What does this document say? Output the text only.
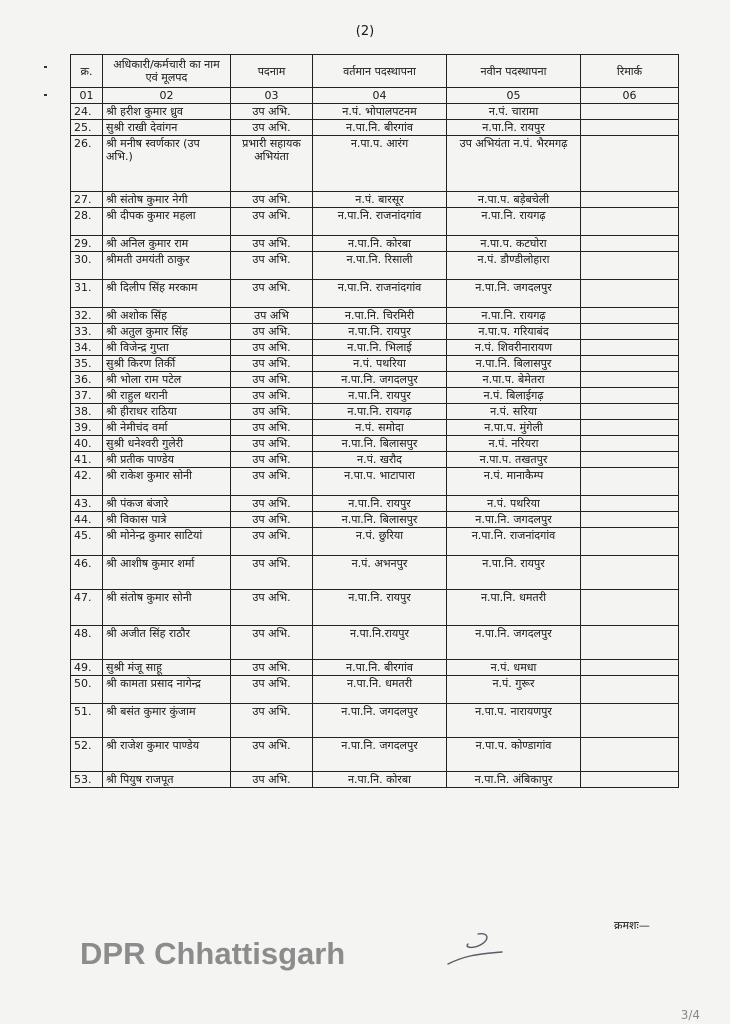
(2)
क्र.	अधिकारी/कर्मचारी का नाम एवं मूलपद	पदनाम	वर्तमान पदस्थापना	नवीन पदस्थापना	रिमार्क
01	02	03	04	05	06
24.	श्री हरीश कुमार ध्रुव	उप अभि.	न.पं. भोपालपटनम	न.पं. चारामा	
25.	सुश्री राखी देवांगन	उप अभि.	न.पा.नि. बीरगांव	न.पा.नि. रायपुर	
26.	श्री मनीष स्वर्णकार (उप अभि.)	प्रभारी सहायक अभियंता	न.पा.प. आरंग	उप अभियंता न.पं. भैरमगढ़	
27.	श्री संतोष कुमार नेगी	उप अभि.	न.पं. बारसूर	न.पा.प. बड़ेबचेली	
28.	श्री दीपक कुमार महला	उप अभि.	न.पा.नि. राजनांदगांव	न.पा.नि. रायगढ़	
29.	श्री अनिल कुमार राम	उप अभि.	न.पा.नि. कोरबा	न.पा.प. कटघोरा	
30.	श्रीमती उमयंती ठाकुर	उप अभि.	न.पा.नि. रिसाली	न.पं. डौण्डीलोहारा	
31.	श्री दिलीप सिंह मरकाम	उप अभि.	न.पा.नि. राजनांदगांव	न.पा.नि. जगदलपुर	
32.	श्री अशोक सिंह	उप अभि	न.पा.नि. चिरमिरी	न.पा.नि. रायगढ़	
33.	श्री अतुल कुमार सिंह	उप अभि.	न.पा.नि. रायपुर	न.पा.प. गरियाबंद	
34.	श्री विजेन्द्र गुप्ता	उप अभि.	न.पा.नि. भिलाई	न.पं. शिवरीनारायण	
35.	सुश्री किरण तिर्की	उप अभि.	न.पं. पथरिया	न.पा.नि. बिलासपुर	
36.	श्री भोला राम पटेल	उप अभि.	न.पा.नि. जगदलपुर	न.पा.प. बेमेतरा	
37.	श्री राहुल थरानी	उप अभि.	न.पा.नि. रायपुर	न.पं. बिलाईगढ़	
38.	श्री हीराधर राठिया	उप अभि.	न.पा.नि. रायगढ़	न.पं. सरिया	
39.	श्री नेमीचंद वर्मा	उप अभि.	न.पं. समोदा	न.पा.प. मुंगेली	
40.	सुश्री धनेश्वरी गुलेरी	उप अभि.	न.पा.नि. बिलासपुर	न.पं. नरियरा	
41.	श्री प्रतीक पाण्डेय	उप अभि.	न.पं. खरौद	न.पा.प. तखतपुर	
42.	श्री राकेश कुमार सोनी	उप अभि.	न.पा.प. भाटापारा	न.पं. मानाकैम्प	
43.	श्री पंकज बंजारे	उप अभि.	न.पा.नि. रायपुर	न.पं. पथरिया	
44.	श्री विकास पात्रे	उप अभि.	न.पा.नि. बिलासपुर	न.पा.नि. जगदलपुर	
45.	श्री मोनेन्द्र कुमार साटियां	उप अभि.	न.पं. छुरिया	न.पा.नि. राजनांदगांव	
46.	श्री आशीष कुमार शर्मा	उप अभि.	न.पं. अभनपुर	न.पा.नि. रायपुर	
47.	श्री संतोष कुमार सोनी	उप अभि.	न.पा.नि. रायपुर	न.पा.नि. धमतरी	
48.	श्री अजीत सिंह राठौर	उप अभि.	न.पा.नि.रायपुर	न.पा.नि. जगदलपुर	
49.	सुश्री मंजू साहू	उप अभि.	न.पा.नि. बीरगांव	न.पं. धमधा	
50.	श्री कामता प्रसाद नागेन्द्र	उप अभि.	न.पा.नि. धमतरी	न.पं. गुरूर	
51.	श्री बसंत कुमार कुंजाम	उप अभि.	न.पा.नि. जगदलपुर	न.पा.प. नारायणपुर	
52.	श्री राजेश कुमार पाण्डेय	उप अभि.	न.पा.नि. जगदलपुर	न.पा.प. कोण्डागांव	
53.	श्री पियुष राजपूत	उप अभि.	न.पा.नि. कोरबा	न.पा.नि. अंबिकापुर	
क्रमशः—
DPR Chhattisgarh
3/4
